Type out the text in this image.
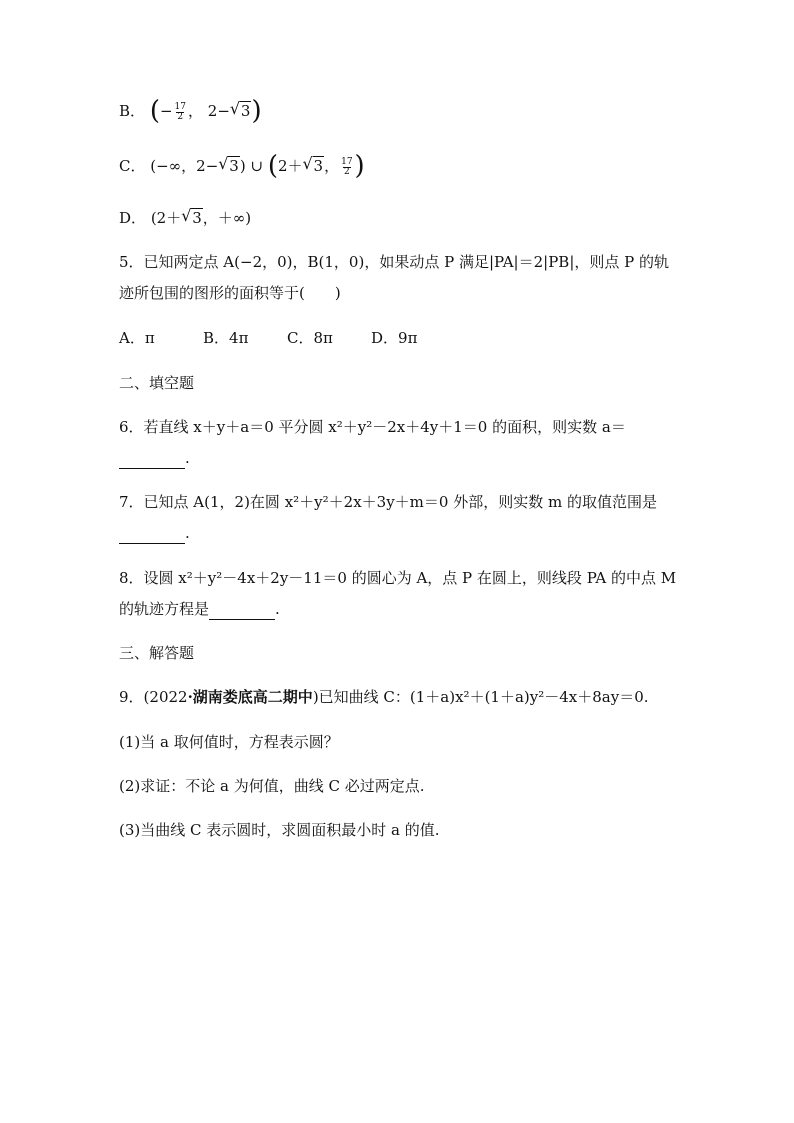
B． (− $\frac{17}{2}$ ， 2− √ 3)
C． (−∞，2− √ 3) ∪ (2＋ √ 3， $\frac{17}{2}$ )
D． (2＋ √ 3，＋∞)
5．已知两定点 A(−2，0)，B(1，0)，如果动点 P 满足|PA|＝2|PB|，则点 P 的轨
迹所包围的图形的面积等于( )
A．π	B．4π	C．8π	D．9π
二、填空题
6．若直线 x＋y＋a＝0 平分圆 x²＋y²－2x＋4y＋1＝0 的面积，则实数 a＝
.
7．已知点 A(1，2)在圆 x²＋y²＋2x＋3y＋m＝0 外部，则实数 m 的取值范围是
.
8．设圆 x²＋y²－4x＋2y－11＝0 的圆心为 A，点 P 在圆上，则线段 PA 的中点 M
的轨迹方程是	.
三、解答题
9．(2022·湖南娄底高二期中)已知曲线 C：(1＋a)x²＋(1＋a)y²－4x＋8ay＝0.
(1)当 a 取何值时，方程表示圆？
(2)求证：不论 a 为何值，曲线 C 必过两定点.
(3)当曲线 C 表示圆时，求圆面积最小时 a 的值.
